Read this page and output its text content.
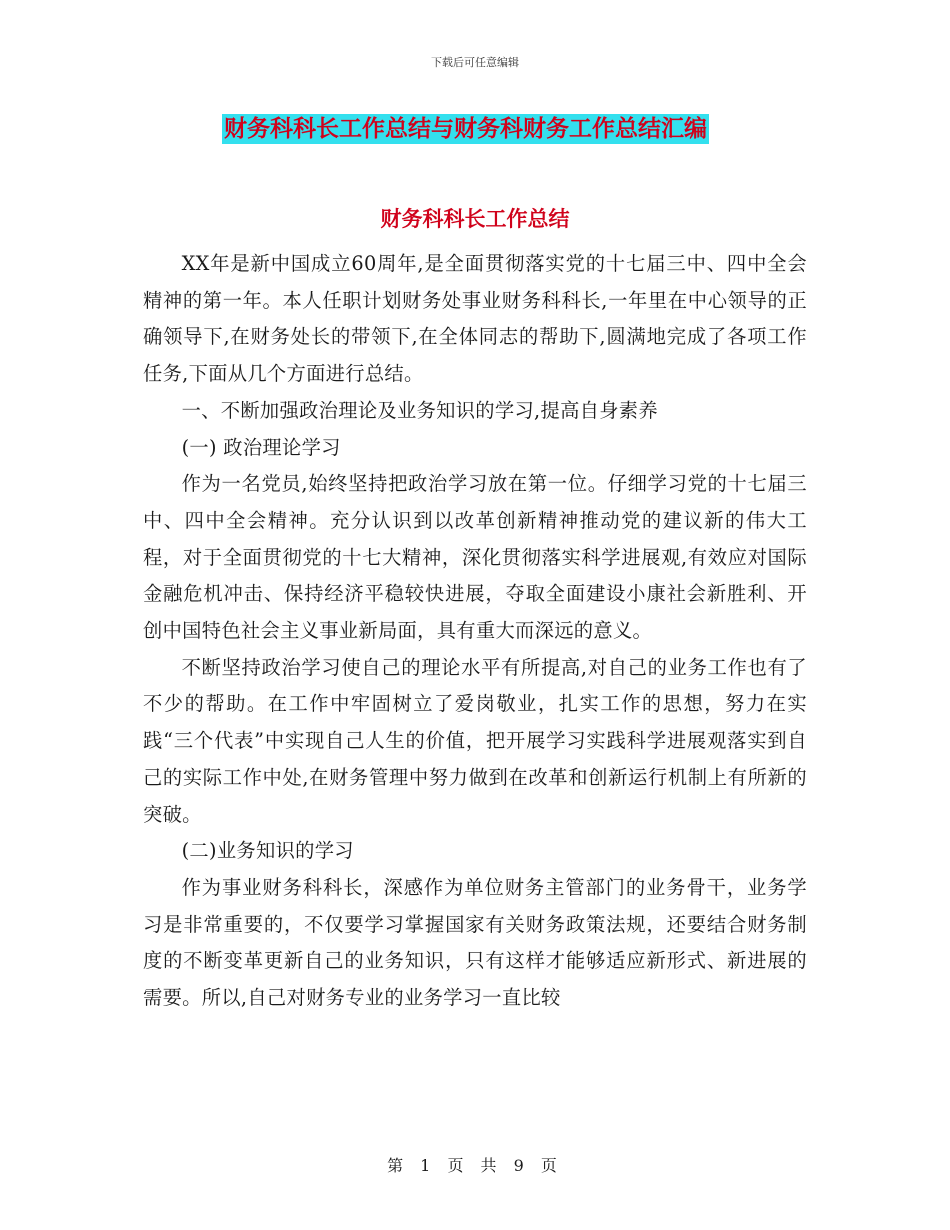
下载后可任意编辑
财务科科长工作总结与财务科财务工作总结汇编
财务科科长工作总结

XX年是新中国成立60周年,是全面贯彻落实党的十七届三中、四中全会精神的第一年。本人任职计划财务处事业财务科科长,一年里在中心领导的正确领导下,在财务处长的带领下,在全体同志的帮助下,圆满地完成了各项工作任务,下面从几个方面进行总结。

一、不断加强政治理论及业务知识的学习,提高自身素养

(一) 政治理论学习

作为一名党员,始终坚持把政治学习放在第一位。仔细学习党的十七届三中、四中全会精神。充分认识到以改革创新精神推动党的建议新的伟大工程，对于全面贯彻党的十七大精神，深化贯彻落实科学进展观,有效应对国际金融危机冲击、保持经济平稳较快进展，夺取全面建设小康社会新胜利、开创中国特色社会主义事业新局面，具有重大而深远的意义。

不断坚持政治学习使自己的理论水平有所提高,对自己的业务工作也有了不少的帮助。在工作中牢固树立了爱岗敬业，扎实工作的思想，努力在实践“三个代表”中实现自己人生的价值，把开展学习实践科学进展观落实到自己的实际工作中处,在财务管理中努力做到在改革和创新运行机制上有所新的突破。

(二)业务知识的学习

作为事业财务科科长，深感作为单位财务主管部门的业务骨干，业务学习是非常重要的，不仅要学习掌握国家有关财务政策法规，还要结合财务制度的不断变革更新自己的业务知识，只有这样才能够适应新形式、新进展的需要。所以,自己对财务专业的业务学习一直比较

第 1 页 共 9 页
